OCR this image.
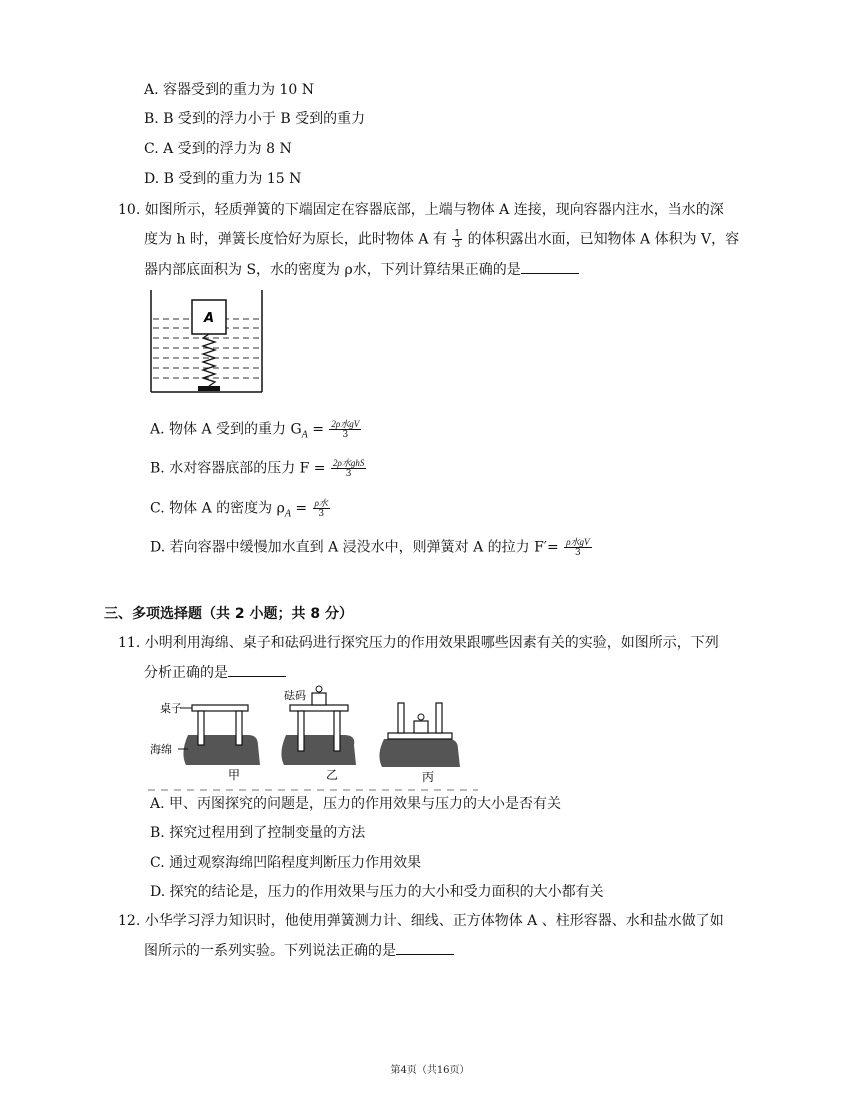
A. 容器受到的重力为 10 N
B. B 受到的浮力小于 B 受到的重力
C. A 受到的浮力为 8 N
D. B 受到的重力为 15 N
10. 如图所示，轻质弹簧的下端固定在容器底部，上端与物体 A 连接，现向容器内注水，当水的深
度为 h 时，弹簧长度恰好为原长，此时物体 A 有 $\frac{1}{3}$ 的体积露出水面，已知物体 A 体积为 V，容
器内部底面积为 S，水的密度为 ρ水，下列计算结果正确的是
A
A. 物体 A 受到的重力 $G_A = \frac{\text{2ρ水gV}}{3}$
B. 水对容器底部的压力 $F = \frac{\text{2ρ水ghS}}{3}$
C. 物体 A 的密度为 $\rho_A = \frac{\text{ρ水}}{3}$
D. 若向容器中缓慢加水直到 A 浸没水中，则弹簧对 A 的拉力 $F'= \frac{\text{ρ水gV}}{3}$
三、多项选择题（共 2 小题；共 8 分）
11. 小明利用海绵、桌子和砝码进行探究压力的作用效果跟哪些因素有关的实验，如图所示，下列
分析正确的是
桌子
海绵
甲
砝码
乙	丙
A. 甲、丙图探究的问题是，压力的作用效果与压力的大小是否有关
B. 探究过程用到了控制变量的方法
C. 通过观察海绵凹陷程度判断压力作用效果
D. 探究的结论是，压力的作用效果与压力的大小和受力面积的大小都有关
12. 小华学习浮力知识时，他使用弹簧测力计、细线、正方体物体 A 、柱形容器、水和盐水做了如
图所示的一系列实验。下列说法正确的是
第4页（共16页）
